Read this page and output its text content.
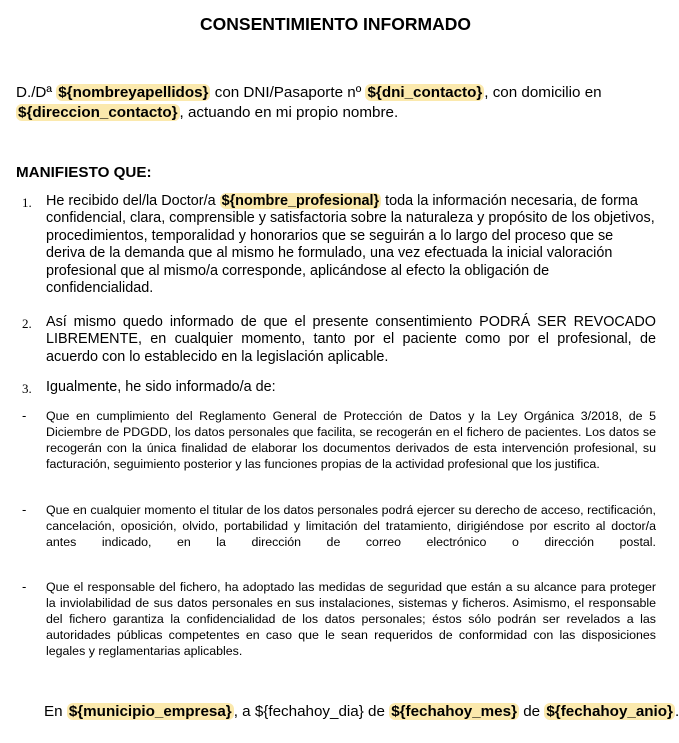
CONSENTIMIENTO INFORMADO
D./Dª ${nombreyapellidos} con DNI/Pasaporte nº ${dni_contacto} , con domicilio en
${direccion_contacto} , actuando en mi propio nombre.
MANIFIESTO QUE:
1. He recibido del/la Doctor/a ${nombre_profesional} toda la información necesaria, de forma confidencial, clara, comprensible y satisfactoria sobre la naturaleza y propósito de los objetivos, procedimientos, temporalidad y honorarios que se seguirán a lo largo del proceso que se deriva de la demanda que al mismo he formulado, una vez efectuada la inicial valoración profesional que al mismo/a corresponde, aplicándose al efecto la obligación de confidencialidad.
2. Así mismo quedo informado de que el presente consentimiento PODRÁ SER REVOCADO LIBREMENTE, en cualquier momento, tanto por el paciente como por el profesional, de acuerdo con lo establecido en la legislación aplicable.
3. Igualmente, he sido informado/a de:
- Que en cumplimiento del Reglamento General de Protección de Datos y la Ley Orgánica 3/2018, de 5 Diciembre de PDGDD, los datos personales que facilita, se recogerán en el fichero de pacientes. Los datos se recogerán con la única finalidad de elaborar los documentos derivados de esta intervención profesional, su facturación, seguimiento posterior y las funciones propias de la actividad profesional que los justifica.
- Que en cualquier momento el titular de los datos personales podrá ejercer su derecho de acceso, rectificación, cancelación, oposición, olvido, portabilidad y limitación del tratamiento, dirigiéndose por escrito al doctor/a antes indicado, en la dirección de correo electrónico o dirección postal.
- Que el responsable del fichero, ha adoptado las medidas de seguridad que están a su alcance para proteger la inviolabilidad de sus datos personales en sus instalaciones, sistemas y ficheros. Asimismo, el responsable del fichero garantiza la confidencialidad de los datos personales; éstos sólo podrán ser revelados a las autoridades públicas competentes en caso que le sean requeridos de conformidad con las disposiciones legales y reglamentarias aplicables.
En ${municipio_empresa} , a ${fechahoy_dia} de ${fechahoy_mes} de ${fechahoy_anio} .
